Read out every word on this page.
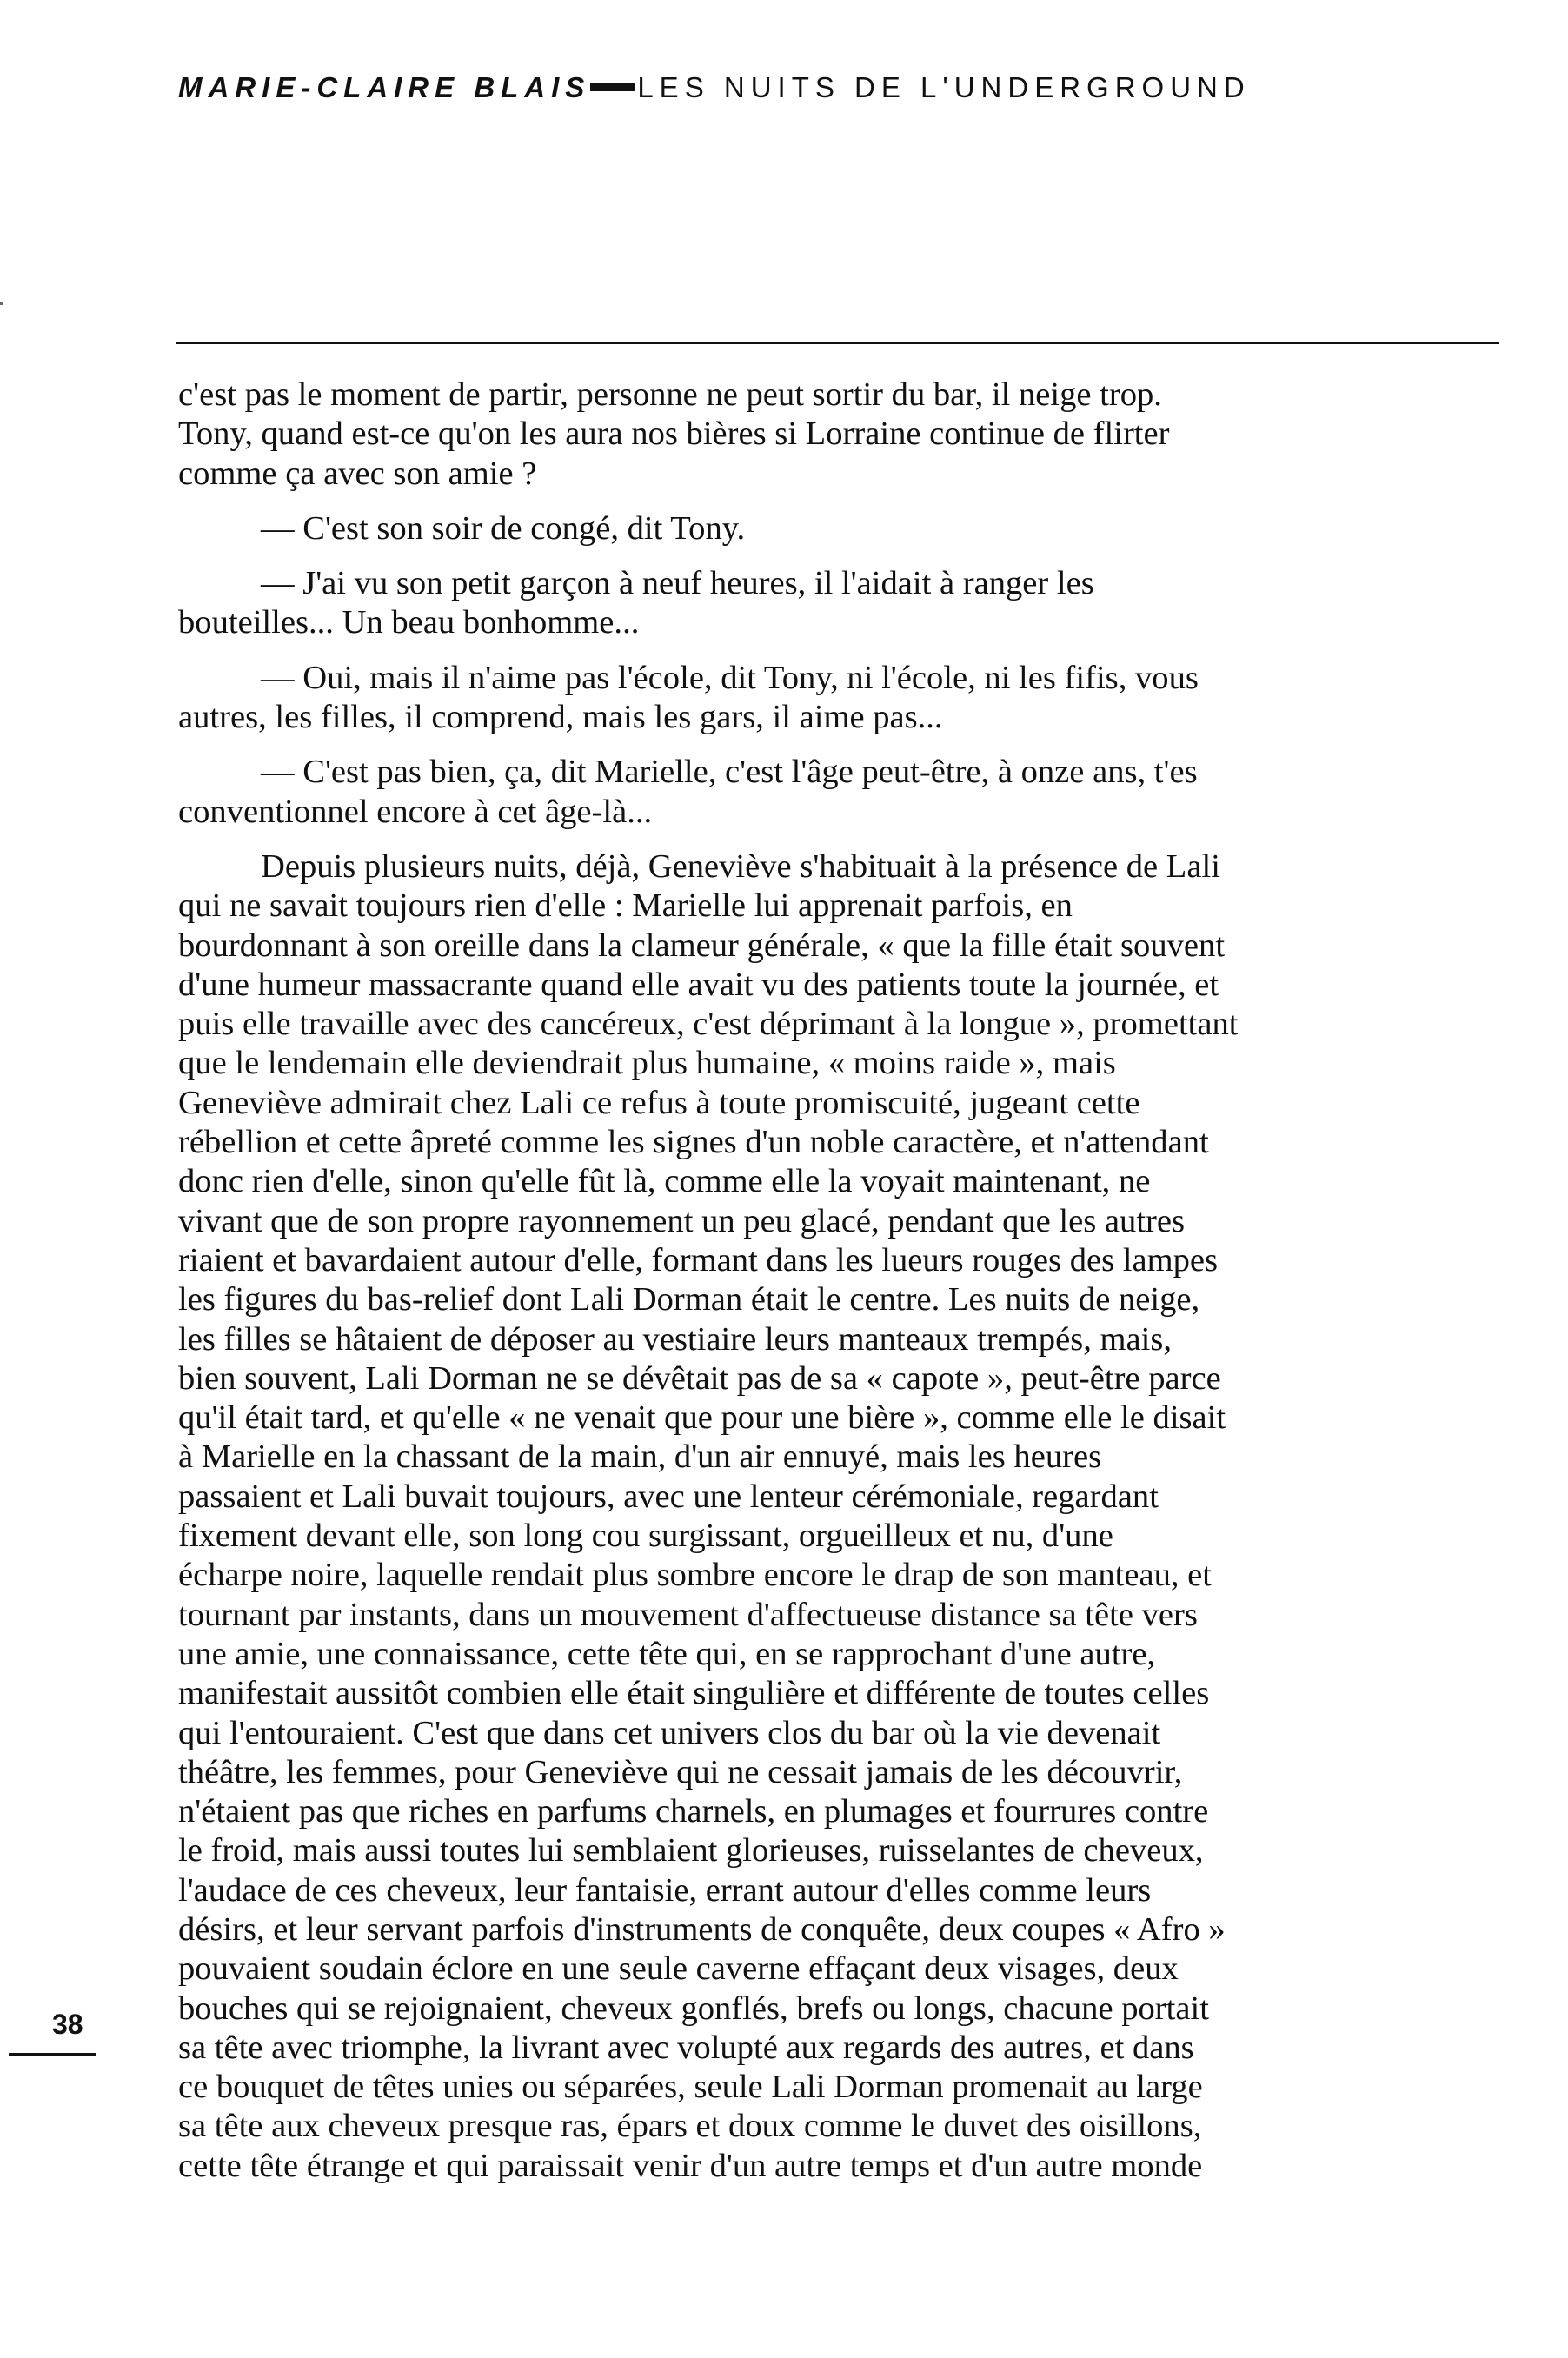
MARIE-CLAIRE BLAIS LES NUITS DE L'UNDERGROUND

c'est pas le moment de partir, personne ne peut sortir du bar, il neige trop.
Tony, quand est-ce qu'on les aura nos bières si Lorraine continue de flirter
comme ça avec son amie ?

— C'est son soir de congé, dit Tony.

— J'ai vu son petit garçon à neuf heures, il l'aidait à ranger les
bouteilles... Un beau bonhomme...

— Oui, mais il n'aime pas l'école, dit Tony, ni l'école, ni les fifis, vous
autres, les filles, il comprend, mais les gars, il aime pas...

— C'est pas bien, ça, dit Marielle, c'est l'âge peut-être, à onze ans, t'es
conventionnel encore à cet âge-là...

Depuis plusieurs nuits, déjà, Geneviève s'habituait à la présence de Lali
qui ne savait toujours rien d'elle : Marielle lui apprenait parfois, en
bourdonnant à son oreille dans la clameur générale, « que la fille était souvent
d'une humeur massacrante quand elle avait vu des patients toute la journée, et
puis elle travaille avec des cancéreux, c'est déprimant à la longue », promettant
que le lendemain elle deviendrait plus humaine, « moins raide », mais
Geneviève admirait chez Lali ce refus à toute promiscuité, jugeant cette
rébellion et cette âpreté comme les signes d'un noble caractère, et n'attendant
donc rien d'elle, sinon qu'elle fût là, comme elle la voyait maintenant, ne
vivant que de son propre rayonnement un peu glacé, pendant que les autres
riaient et bavardaient autour d'elle, formant dans les lueurs rouges des lampes
les figures du bas-relief dont Lali Dorman était le centre. Les nuits de neige,
les filles se hâtaient de déposer au vestiaire leurs manteaux trempés, mais,
bien souvent, Lali Dorman ne se dévêtait pas de sa « capote », peut-être parce
qu'il était tard, et qu'elle « ne venait que pour une bière », comme elle le disait
à Marielle en la chassant de la main, d'un air ennuyé, mais les heures
passaient et Lali buvait toujours, avec une lenteur cérémoniale, regardant
fixement devant elle, son long cou surgissant, orgueilleux et nu, d'une
écharpe noire, laquelle rendait plus sombre encore le drap de son manteau, et
tournant par instants, dans un mouvement d'affectueuse distance sa tête vers
une amie, une connaissance, cette tête qui, en se rapprochant d'une autre,
manifestait aussitôt combien elle était singulière et différente de toutes celles
qui l'entouraient. C'est que dans cet univers clos du bar où la vie devenait
théâtre, les femmes, pour Geneviève qui ne cessait jamais de les découvrir,
n'étaient pas que riches en parfums charnels, en plumages et fourrures contre
le froid, mais aussi toutes lui semblaient glorieuses, ruisselantes de cheveux,
l'audace de ces cheveux, leur fantaisie, errant autour d'elles comme leurs
désirs, et leur servant parfois d'instruments de conquête, deux coupes « Afro »
pouvaient soudain éclore en une seule caverne effaçant deux visages, deux
bouches qui se rejoignaient, cheveux gonflés, brefs ou longs, chacune portait
sa tête avec triomphe, la livrant avec volupté aux regards des autres, et dans
ce bouquet de têtes unies ou séparées, seule Lali Dorman promenait au large
sa tête aux cheveux presque ras, épars et doux comme le duvet des oisillons,
cette tête étrange et qui paraissait venir d'un autre temps et d'un autre monde

38
